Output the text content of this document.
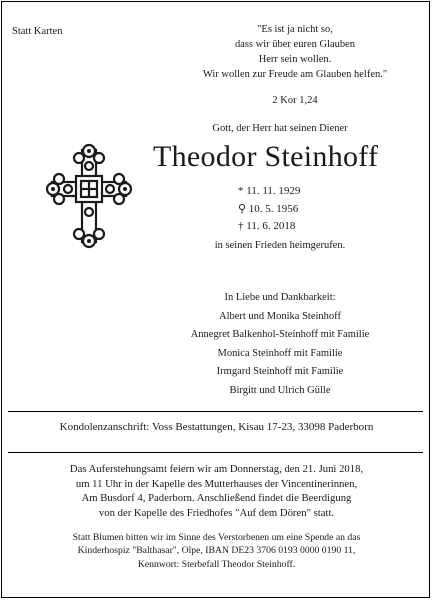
Statt Karten	"Es ist ja nicht so,
dass wir über euren Glauben
Herr sein wollen.
Wir wollen zur Freude am Glauben helfen."
2 Kor 1,24
Gott, der Herr hat seinen Diener
Theodor Steinhoff
* 11. 11. 1929
⚲ 10. 5. 1956
† 11. 6. 2018
in seinen Frieden heimgerufen.
In Liebe und Dankbarkeit:
Albert und Monika Steinhoff
Annegret Balkenhol-Steinhoff mit Familie
Monica Steinhoff mit Familie
Irmgard Steinhoff mit Familie
Birgitt und Ulrich Gülle
Kondolenzanschrift: Voss Bestattungen, Kisau 17-23, 33098 Paderborn
Das Auferstehungsamt feiern wir am Donnerstag, den 21. Juni 2018,
um 11 Uhr in der Kapelle des Mutterhauses der Vincentinerinnen,
Am Busdorf 4, Paderborn. Anschließend findet die Beerdigung
von der Kapelle des Friedhofes "Auf dem Dören" statt.
Statt Blumen bitten wir im Sinne des Verstorbenen um eine Spende an das
Kinderhospiz "Balthasar", Olpe, IBAN DE23 3706 0193 0000 0190 11,
Kennwort: Sterbefall Theodor Steinhoff.
